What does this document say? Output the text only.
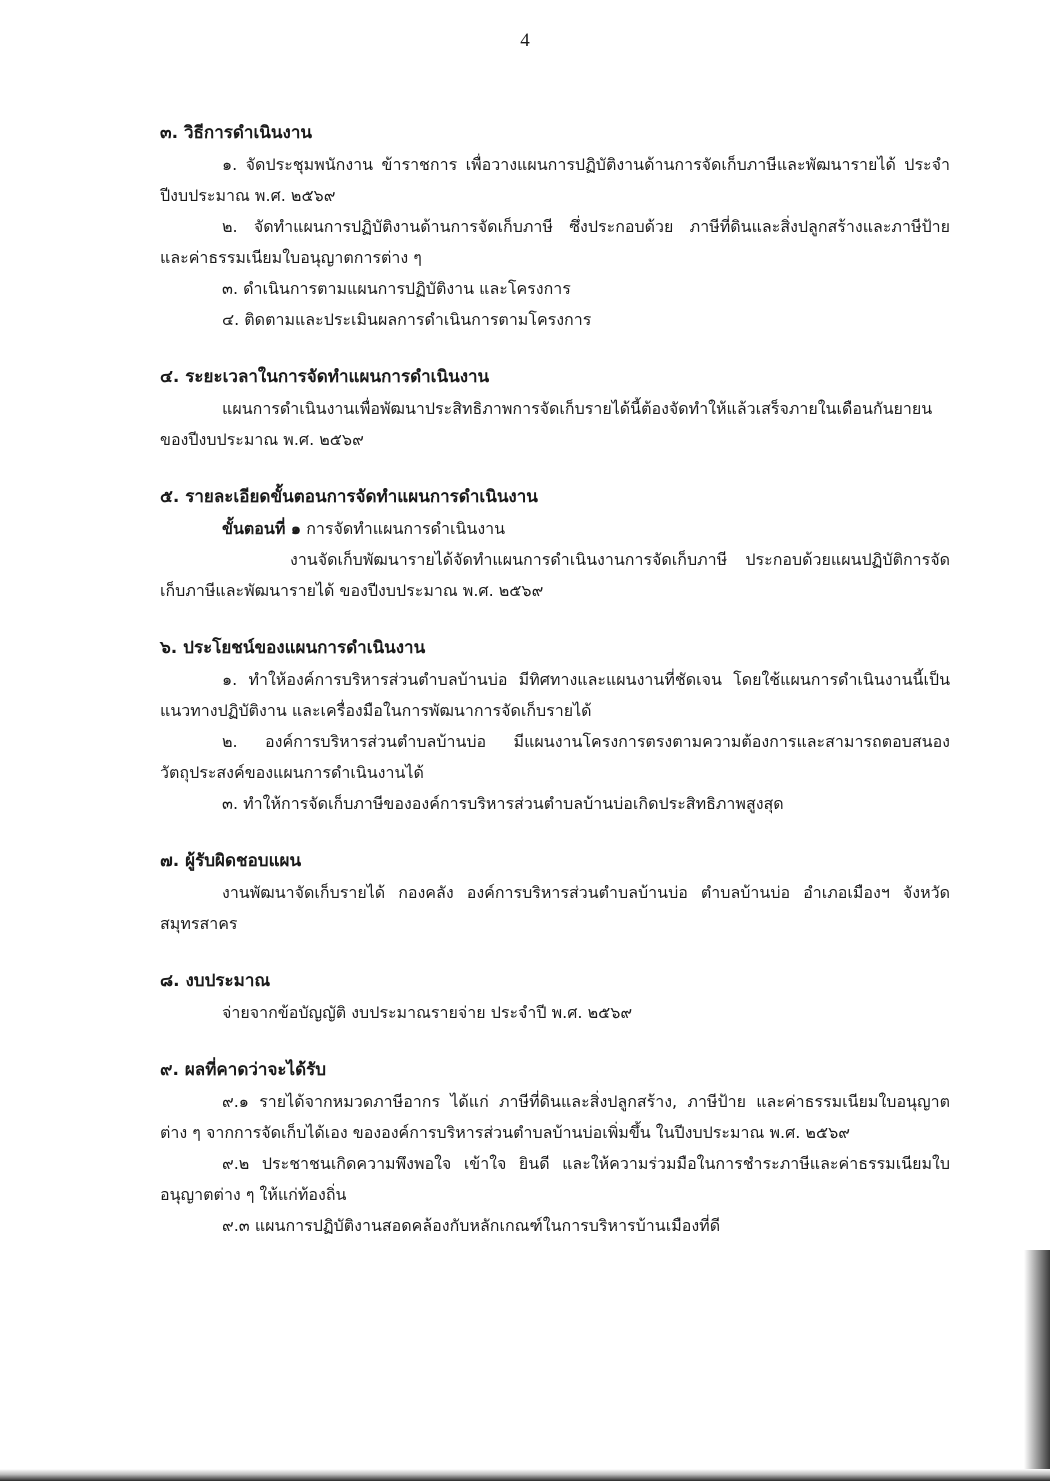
4

๓. วิธีการดำเนินงาน

๑. จัดประชุมพนักงาน ข้าราชการ เพื่อวางแผนการปฏิบัติงานด้านการจัดเก็บภาษีและพัฒนารายได้ ประจำปีงบประมาณ พ.ศ. ๒๕๖๙

๒. จัดทำแผนการปฏิบัติงานด้านการจัดเก็บภาษี ซึ่งประกอบด้วย ภาษีที่ดินและสิ่งปลูกสร้างและภาษีป้าย และค่าธรรมเนียมใบอนุญาตการต่าง ๆ

๓. ดำเนินการตามแผนการปฏิบัติงาน และโครงการ

๔. ติดตามและประเมินผลการดำเนินการตามโครงการ

๔. ระยะเวลาในการจัดทำแผนการดำเนินงาน

แผนการดำเนินงานเพื่อพัฒนาประสิทธิภาพการจัดเก็บรายได้นี้ต้องจัดทำให้แล้วเสร็จภายในเดือนกันยายนของปีงบประมาณ พ.ศ. ๒๕๖๙

๕. รายละเอียดขั้นตอนการจัดทำแผนการดำเนินงาน

ขั้นตอนที่ ๑ การจัดทำแผนการดำเนินงาน

งานจัดเก็บพัฒนารายได้จัดทำแผนการดำเนินงานการจัดเก็บภาษี ประกอบด้วยแผนปฏิบัติการจัดเก็บภาษีและพัฒนารายได้ ของปีงบประมาณ พ.ศ. ๒๕๖๙

๖. ประโยชน์ของแผนการดำเนินงาน

๑. ทำให้องค์การบริหารส่วนตำบลบ้านบ่อ มีทิศทางและแผนงานที่ชัดเจน โดยใช้แผนการดำเนินงานนี้เป็นแนวทางปฏิบัติงาน และเครื่องมือในการพัฒนาการจัดเก็บรายได้

๒. องค์การบริหารส่วนตำบลบ้านบ่อ มีแผนงานโครงการตรงตามความต้องการและสามารถตอบสนองวัตถุประสงค์ของแผนการดำเนินงานได้

๓. ทำให้การจัดเก็บภาษีขององค์การบริหารส่วนตำบลบ้านบ่อเกิดประสิทธิภาพสูงสุด

๗. ผู้รับผิดชอบแผน

งานพัฒนาจัดเก็บรายได้ กองคลัง องค์การบริหารส่วนตำบลบ้านบ่อ ตำบลบ้านบ่อ อำเภอเมืองฯ จังหวัดสมุทรสาคร

๘. งบประมาณ

จ่ายจากข้อบัญญัติ งบประมาณรายจ่าย ประจำปี พ.ศ. ๒๕๖๙

๙. ผลที่คาดว่าจะได้รับ

๙.๑ รายได้จากหมวดภาษีอากร ได้แก่ ภาษีที่ดินและสิ่งปลูกสร้าง, ภาษีป้าย และค่าธรรมเนียมใบอนุญาตต่าง ๆ จากการจัดเก็บได้เอง ขององค์การบริหารส่วนตำบลบ้านบ่อเพิ่มขึ้น ในปีงบประมาณ พ.ศ. ๒๕๖๙

๙.๒ ประชาชนเกิดความพึงพอใจ เข้าใจ ยินดี และให้ความร่วมมือในการชำระภาษีและค่าธรรมเนียมใบอนุญาตต่าง ๆ ให้แก่ท้องถิ่น

๙.๓ แผนการปฏิบัติงานสอดคล้องกับหลักเกณฑ์ในการบริหารบ้านเมืองที่ดี
